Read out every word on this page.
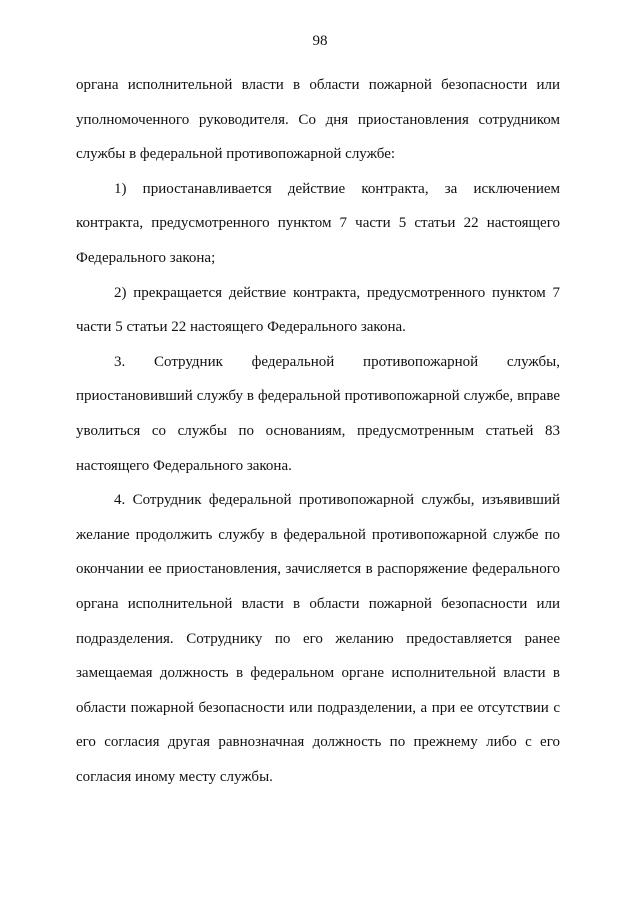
98
органа исполнительной власти в области пожарной безопасности или
уполномоченного руководителя. Со дня приостановления сотрудником
службы в федеральной противопожарной службе:
1) приостанавливается действие контракта, за исключением
контракта, предусмотренного пунктом 7 части 5 статьи 22 настоящего
Федерального закона;
2) прекращается действие контракта, предусмотренного пунктом 7
части 5 статьи 22 настоящего Федерального закона.
3. Сотрудник федеральной противопожарной службы,
приостановивший службу в федеральной противопожарной службе, вправе
уволиться со службы по основаниям, предусмотренным статьей 83
настоящего Федерального закона.
4. Сотрудник федеральной противопожарной службы, изъявивший
желание продолжить службу в федеральной противопожарной службе по
окончании ее приостановления, зачисляется в распоряжение федерального
органа исполнительной власти в области пожарной безопасности или
подразделения. Сотруднику по его желанию предоставляется ранее
замещаемая должность в федеральном органе исполнительной власти в
области пожарной безопасности или подразделении, а при ее отсутствии с
его согласия другая равнозначная должность по прежнему либо с его
согласия иному месту службы.
